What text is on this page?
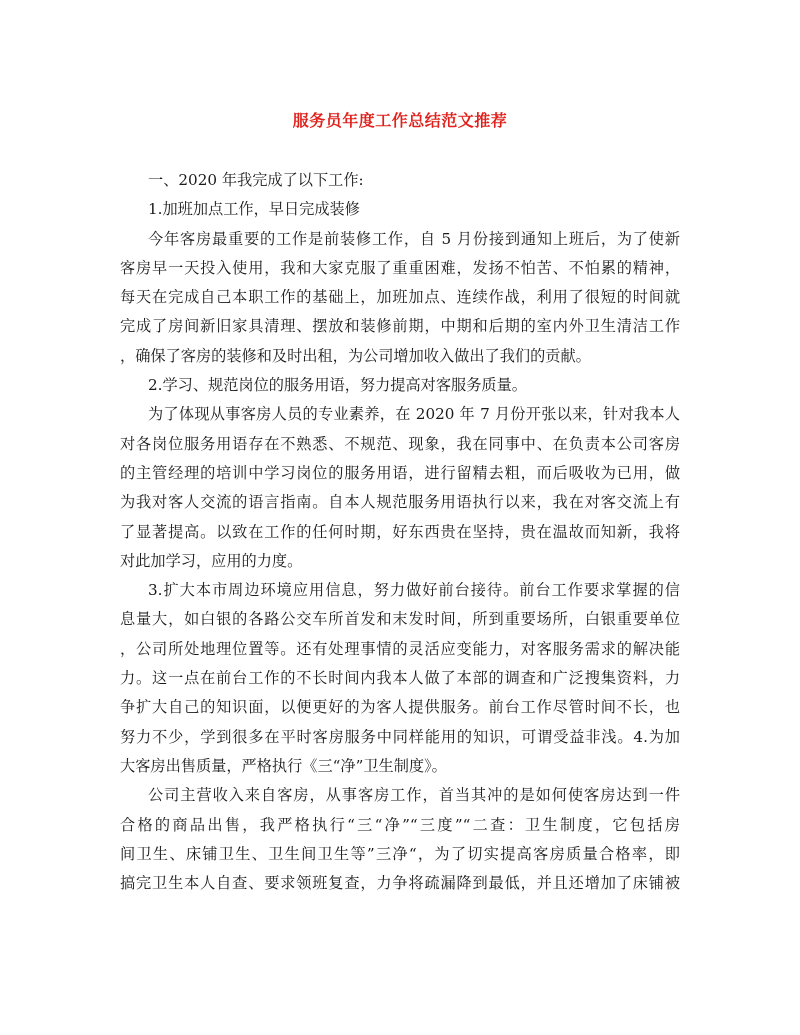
服务员年度工作总结范文推荐
一、2020 年我完成了以下工作:
1.加班加点工作，早日完成装修
今年客房最重要的工作是前装修工作，自 5 月份接到通知上班后，为了使新
客房早一天投入使用，我和大家克服了重重困难，发扬不怕苦、不怕累的精神，
每天在完成自己本职工作的基础上，加班加点、连续作战，利用了很短的时间就
完成了房间新旧家具清理、摆放和装修前期，中期和后期的室内外卫生清洁工作
，确保了客房的装修和及时出租，为公司增加收入做出了我们的贡献。
2.学习、规范岗位的服务用语，努力提高对客服务质量。
为了体现从事客房人员的专业素养，在 2020 年 7 月份开张以来，针对我本人
对各岗位服务用语存在不熟悉、不规范、现象，我在同事中、在负责本公司客房
的主管经理的培训中学习岗位的服务用语，进行留精去粗，而后吸收为已用，做
为我对客人交流的语言指南。自本人规范服务用语执行以来，我在对客交流上有
了显著提高。以致在工作的任何时期，好东西贵在坚持，贵在温故而知新，我将
对此加学习，应用的力度。
3.扩大本市周边环境应用信息，努力做好前台接待。前台工作要求掌握的信
息量大，如白银的各路公交车所首发和末发时间，所到重要场所，白银重要单位
，公司所处地理位置等。还有处理事情的灵活应变能力，对客服务需求的解决能
力。这一点在前台工作的不长时间内我本人做了本部的调查和广泛搜集资料，力
争扩大自己的知识面，以便更好的为客人提供服务。前台工作尽管时间不长，也
努力不少，学到很多在平时客房服务中同样能用的知识，可谓受益非浅。4.为加
大客房出售质量，严格执行《三“净”卫生制度》。
公司主营收入来自客房，从事客房工作，首当其冲的是如何使客房达到一件
合格的商品出售，我严格执行“三“净”“三度”“二查：卫生制度，它包括房
间卫生、床铺卫生、卫生间卫生等”三净“，为了切实提高客房质量合格率，即
搞完卫生本人自查、要求领班复查，力争将疏漏降到最低，并且还增加了床铺被
